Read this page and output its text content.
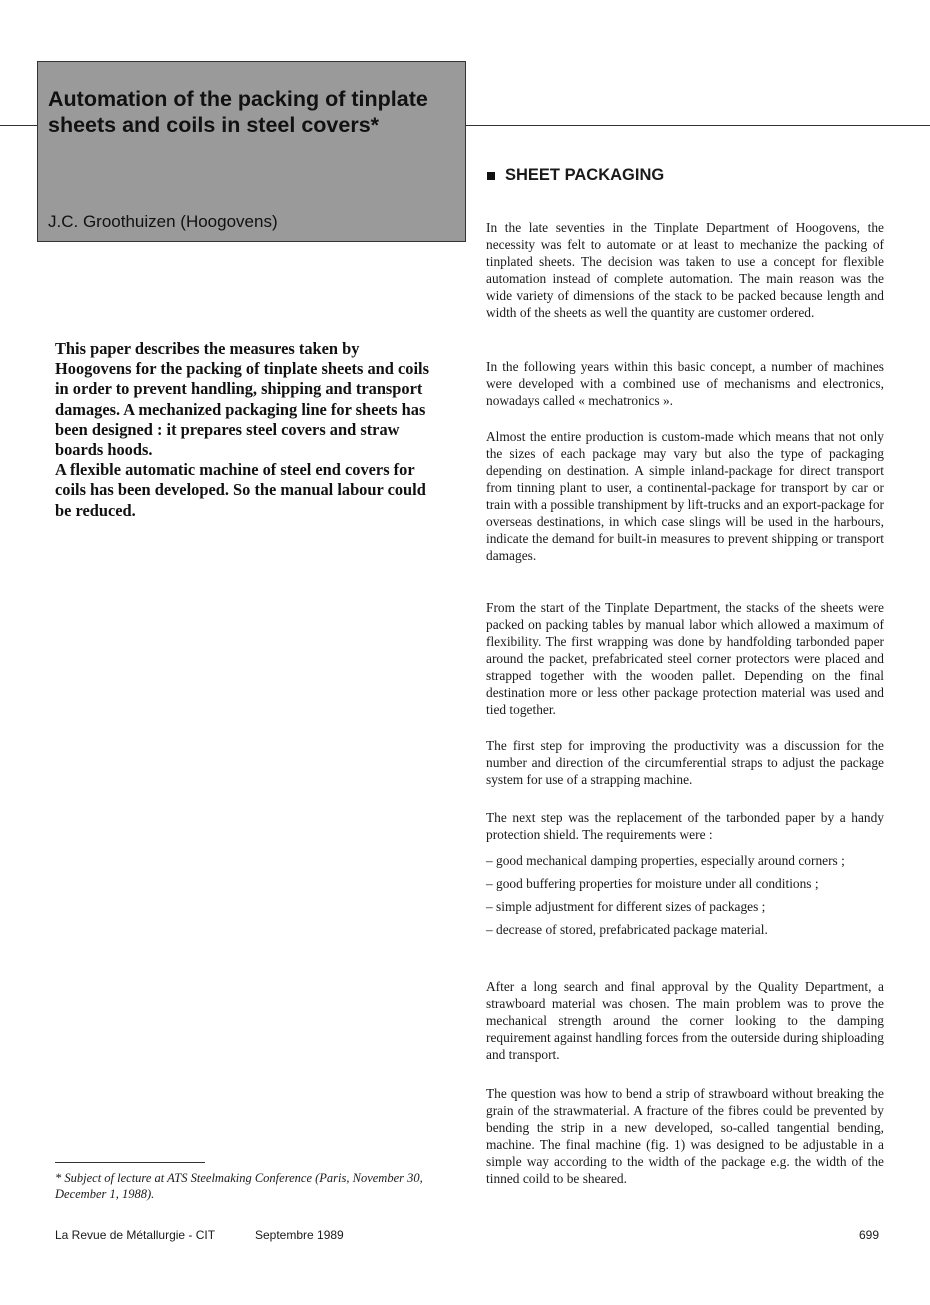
Automation of the packing of tinplate sheets and coils in steel covers*
J.C. Groothuizen (Hoogovens)

This paper describes the measures taken by Hoogovens for the packing of tinplate sheets and coils in order to prevent handling, shipping and transport damages. A mechanized packaging line for sheets has been designed : it prepares steel covers and straw boards hoods.

A flexible automatic machine of steel end covers for coils has been developed. So the manual labour could be reduced.

* Subject of lecture at ATS Steelmaking Conference (Paris, November 30, December 1, 1988).

La Revue de Métallurgie - CIT	Septembre 1989	699
SHEET PACKAGING

In the late seventies in the Tinplate Department of Hoogovens, the necessity was felt to automate or at least to mechanize the packing of tinplated sheets. The decision was taken to use a concept for flexible automation instead of complete automation. The main reason was the wide variety of dimensions of the stack to be packed because length and width of the sheets as well the quantity are customer ordered.

In the following years within this basic concept, a number of machines were developed with a combined use of mechanisms and electronics, nowadays called « mechatronics ».

Almost the entire production is custom-made which means that not only the sizes of each package may vary but also the type of packaging depending on destination. A simple inland-package for direct transport from tinning plant to user, a continental-package for transport by car or train with a possible transhipment by lift-trucks and an export-package for overseas destinations, in which case slings will be used in the harbours, indicate the demand for built-in measures to prevent shipping or transport damages.

From the start of the Tinplate Department, the stacks of the sheets were packed on packing tables by manual labor which allowed a maximum of flexibility. The first wrapping was done by handfolding tarbonded paper around the packet, prefabricated steel corner protectors were placed and strapped together with the wooden pallet. Depending on the final destination more or less other package protection material was used and tied together.

The first step for improving the productivity was a discussion for the number and direction of the circumferential straps to adjust the package system for use of a strapping machine.

The next step was the replacement of the tarbonded paper by a handy protection shield. The requirements were :

– good mechanical damping properties, especially around corners ;
– good buffering properties for moisture under all conditions ;
– simple adjustment for different sizes of packages ;
– decrease of stored, prefabricated package material.

After a long search and final approval by the Quality Department, a strawboard material was chosen. The main problem was to prove the mechanical strength around the corner looking to the damping requirement against handling forces from the outerside during shiploading and transport.

The question was how to bend a strip of strawboard without breaking the grain of the strawmaterial. A fracture of the fibres could be prevented by bending the strip in a new developed, so-called tangential bending, machine. The final machine (fig. 1) was designed to be adjustable in a simple way according to the width of the package e.g. the width of the tinned coild to be sheared.
